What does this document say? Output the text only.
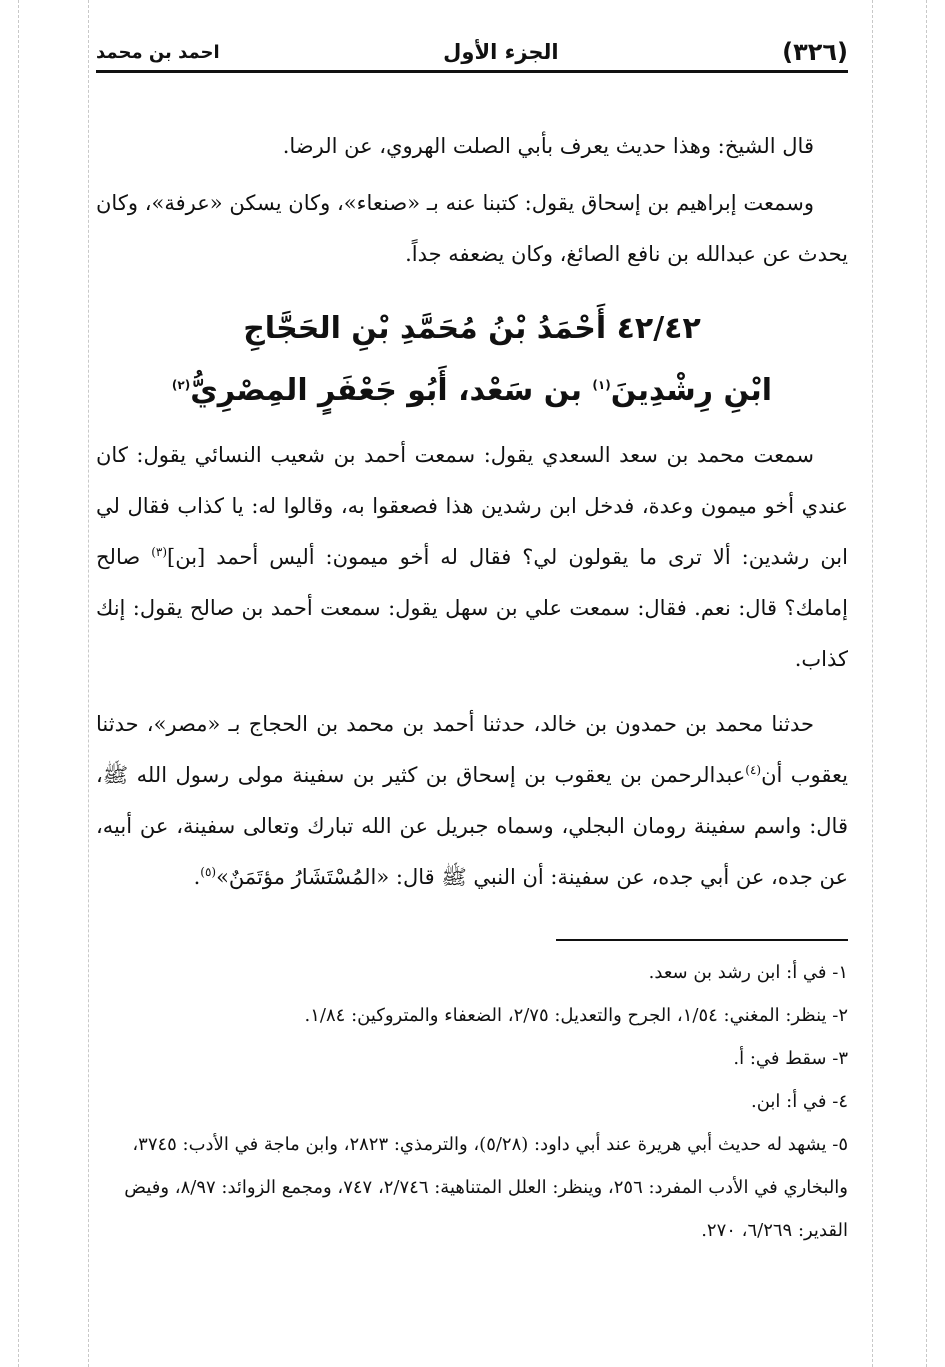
(٣٢٦)
الجزء الأول
احمد بن محمد

قال الشيخ: وهذا حديث يعرف بأبي الصلت الهروي، عن الرضا.

وسمعت إبراهيم بن إسحاق يقول: كتبنا عنه بـ «صنعاء»، وكان يسكن «عرفة»، وكان يحدث عن عبدالله بن نافع الصائغ، وكان يضعفه جداً.

٤٢/٤٢ أَحْمَدُ بْنُ مُحَمَّدِ بْنِ الحَجَّاجِ
ابْنِ رِشْدِينَ$^{(١)}$ بن سَعْد، أَبُو جَعْفَرٍ المِصْرِيُّ$^{(٢)}$

سمعت محمد بن سعد السعدي يقول: سمعت أحمد بن شعيب النسائي يقول: كان عندي أخو ميمون وعدة، فدخل ابن رشدين هذا فصعقوا به، وقالوا له: يا كذاب فقال لي ابن رشدين: ألا ترى ما يقولون لي؟ فقال له أخو ميمون: أليس أحمد [بن]$^{(٣)}$ صالح إمامك؟ قال: نعم. فقال: سمعت علي بن سهل يقول: سمعت أحمد بن صالح يقول: إنك كذاب.

حدثنا محمد بن حمدون بن خالد، حدثنا أحمد بن محمد بن الحجاج بـ «مصر»، حدثنا يعقوب أن$^{(٤)}$عبدالرحمن بن يعقوب بن إسحاق بن كثير بن سفينة مولى رسول الله ﷺ، قال: واسم سفينة رومان البجلي، وسماه جبريل عن الله تبارك وتعالى سفينة، عن أبيه، عن جده، عن أبي جده، عن سفينة: أن النبي ﷺ قال: «المُسْتَشَارُ مؤتَمَنٌ»$^{(٥)}$.

١- في أ: ابن رشد بن سعد.

٢- ينظر: المغني: ١/٥٤، الجرح والتعديل: ٢/٧٥، الضعفاء والمتروكين: ١/٨٤.

٣- سقط في: أ.

٤- في أ: ابن.

٥- يشهد له حديث أبي هريرة عند أبي داود: (٥/٢٨)، والترمذي: ٢٨٢٣، وابن ماجة في الأدب: ٣٧٤٥، والبخاري في الأدب المفرد: ٢٥٦، وينظر: العلل المتناهية: ٢/٧٤٦، ٧٤٧، ومجمع الزوائد: ٨/٩٧، وفيض القدير: ٦/٢٦٩، ٢٧٠.
